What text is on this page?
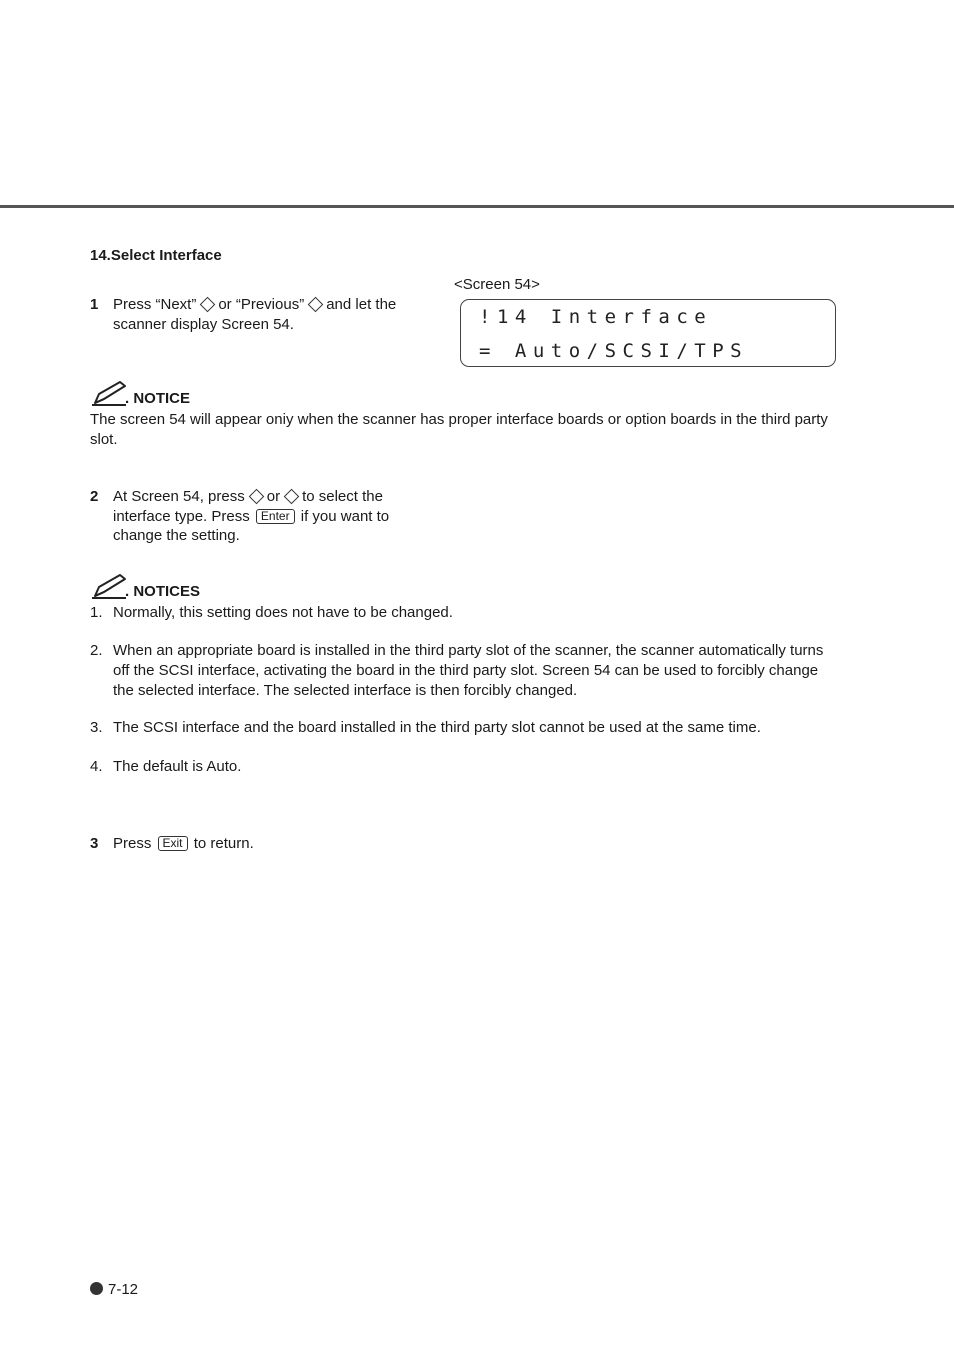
14.Select Interface
<Screen 54>
!14 Interface
= Auto/SCSI/TPS
1 Press “Next” or “Previous” and let the scanner display Screen 54.
. NOTICE
The screen 54 will appear oniy when the scanner has proper interface boards or option boards in the third party slot.
2 At Screen 54, press or to select the interface type. Press Enter if you want to change the setting.
. NOTICES
1. Normally, this setting does not have to be changed.
2. When an appropriate board is installed in the third party slot of the scanner, the scanner automatically turns off the SCSI interface, activating the board in the third party slot. Screen 54 can be used to forcibly change the selected interface. The selected interface is then forcibly changed.
3. The SCSI interface and the board installed in the third party slot cannot be used at the same time.
4. The default is Auto.
3 Press Exit to return.
7-12
